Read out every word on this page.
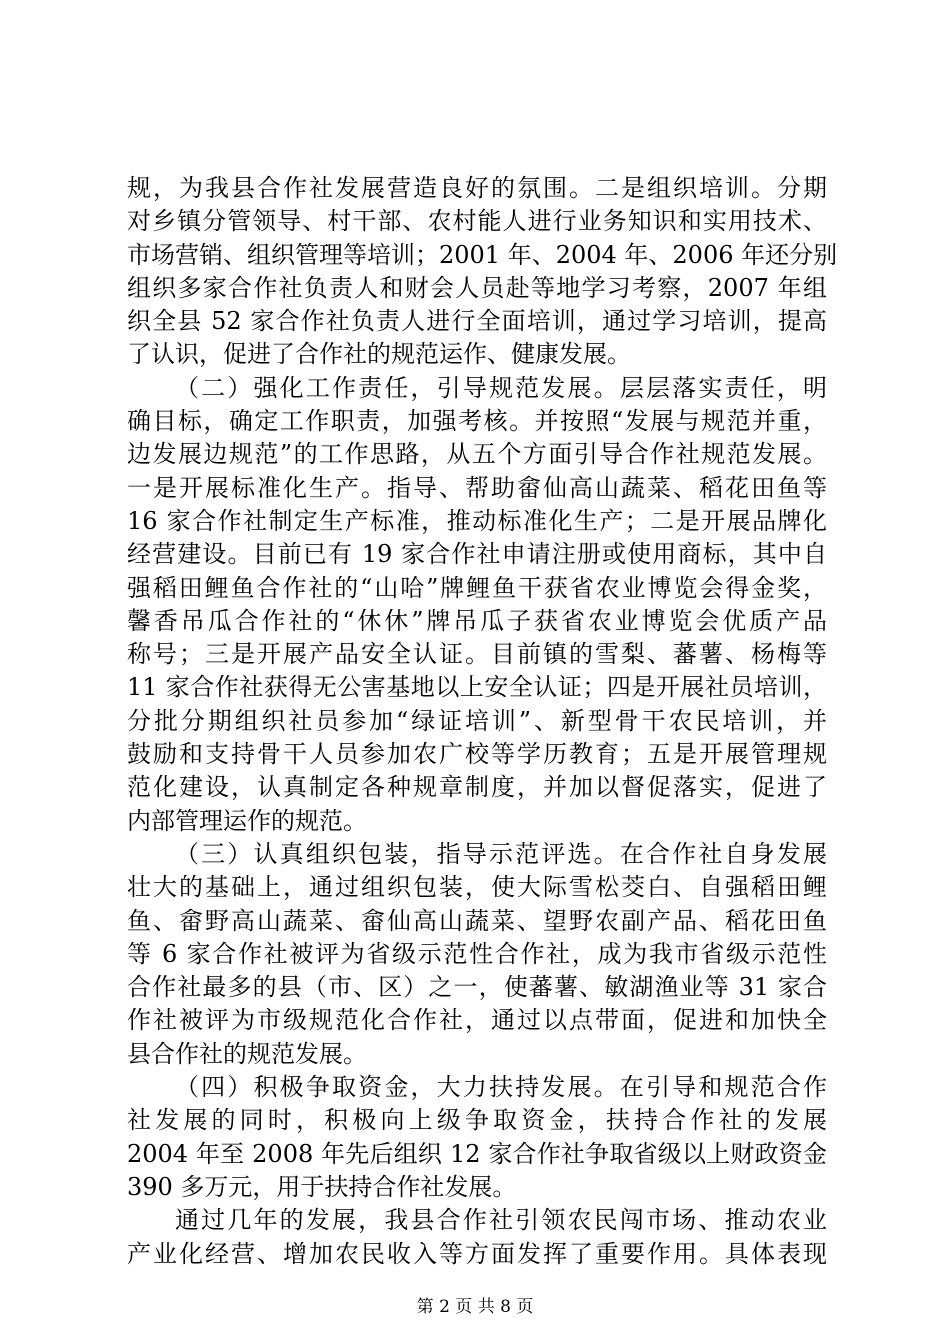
规，为我县合作社发展营造良好的氛围。二是组织培训。分期
对乡镇分管领导、村干部、农村能人进行业务知识和实用技术、
市场营销、组织管理等培训；2001 年、2004 年、2006 年还分别
组织多家合作社负责人和财会人员赴等地学习考察，2007 年组
织全县 52 家合作社负责人进行全面培训，通过学习培训，提高
了认识，促进了合作社的规范运作、健康发展。
（二）强化工作责任，引导规范发展。层层落实责任，明
确目标，确定工作职责，加强考核。并按照“发展与规范并重，
边发展边规范”的工作思路，从五个方面引导合作社规范发展。
一是开展标准化生产。指导、帮助畲仙高山蔬菜、稻花田鱼等
16 家合作社制定生产标准，推动标准化生产；二是开展品牌化
经营建设。目前已有 19 家合作社申请注册或使用商标，其中自
强稻田鲤鱼合作社的“山哈”牌鲤鱼干获省农业博览会得金奖，
馨香吊瓜合作社的“休休”牌吊瓜子获省农业博览会优质产品
称号；三是开展产品安全认证。目前镇的雪梨、蕃薯、杨梅等
11 家合作社获得无公害基地以上安全认证；四是开展社员培训，
分批分期组织社员参加“绿证培训”、新型骨干农民培训，并
鼓励和支持骨干人员参加农广校等学历教育；五是开展管理规
范化建设，认真制定各种规章制度，并加以督促落实，促进了
内部管理运作的规范。
（三）认真组织包装，指导示范评选。在合作社自身发展
壮大的基础上，通过组织包装，使大际雪松茭白、自强稻田鲤
鱼、畲野高山蔬菜、畲仙高山蔬菜、望野农副产品、稻花田鱼
等 6 家合作社被评为省级示范性合作社，成为我市省级示范性
合作社最多的县（市、区）之一，使蕃薯、敏湖渔业等 31 家合
作社被评为市级规范化合作社，通过以点带面，促进和加快全
县合作社的规范发展。
（四）积极争取资金，大力扶持发展。在引导和规范合作
社发展的同时，积极向上级争取资金，扶持合作社的发展
2004 年至 2008 年先后组织 12 家合作社争取省级以上财政资金
390 多万元，用于扶持合作社发展。
通过几年的发展，我县合作社引领农民闯市场、推动农业
产业化经营、增加农民收入等方面发挥了重要作用。具体表现
第 2 页 共 8 页
